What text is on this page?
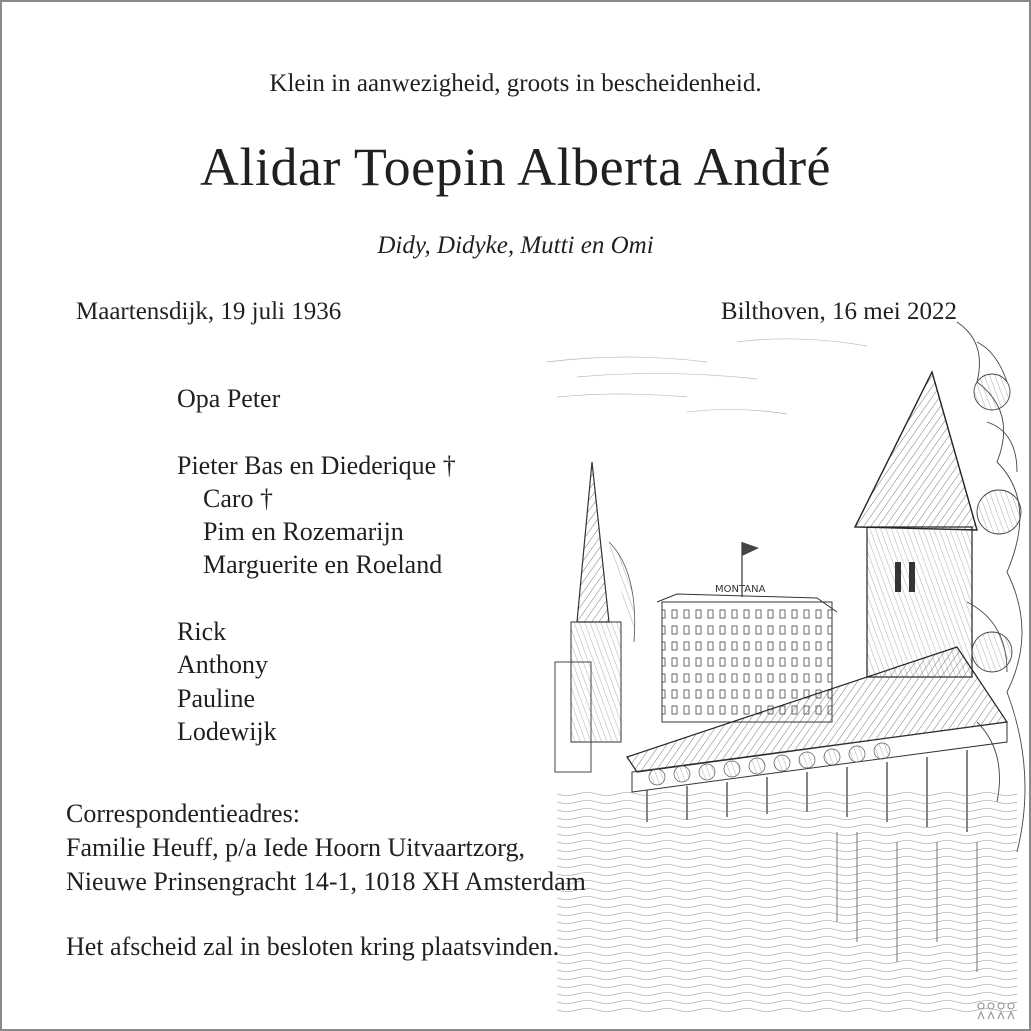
MONTANA
Klein in aanwezigheid, groots in bescheidenheid.
Alidar Toepin Alberta André
Didy, Didyke, Mutti en Omi
Maartensdijk, 19 juli 1936	Bilthoven, 16 mei 2022
Opa Peter
Pieter Bas en Diederique †
Caro †
Pim en Rozemarijn
Marguerite en Roeland
Rick
Anthony
Pauline
Lodewijk
Correspondentieadres:
Familie Heuff, p/a Iede Hoorn Uitvaartzorg,
Nieuwe Prinsengracht 14-1, 1018 XH Amsterdam
Het afscheid zal in besloten kring plaatsvinden.
